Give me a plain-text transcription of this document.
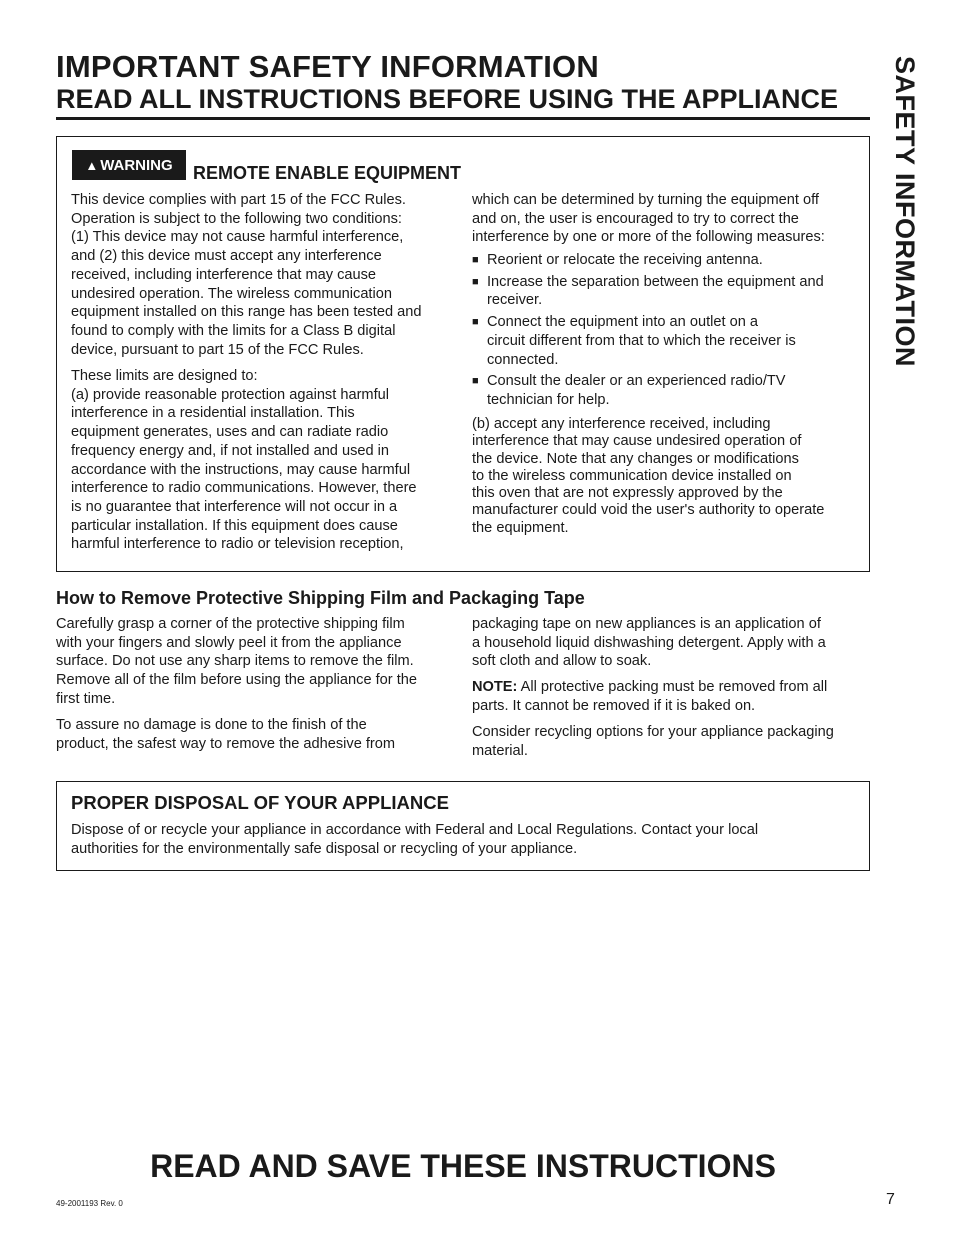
IMPORTANT SAFETY INFORMATION
READ ALL INSTRUCTIONS BEFORE USING THE APPLIANCE SAFETY INFORMATION
▲ WARNING REMOTE ENABLE EQUIPMENT
This device complies with part 15 of the FCC Rules.
Operation is subject to the following two conditions:
(1) This device may not cause harmful interference,
and (2) this device must accept any interference
received, including interference that may cause
undesired operation. The wireless communication
equipment installed on this range has been tested and
found to comply with the limits for a Class B digital
device, pursuant to part 15 of the FCC Rules.
These limits are designed to:
(a) provide reasonable protection against harmful
interference in a residential installation. This
equipment generates, uses and can radiate radio
frequency energy and, if not installed and used in
accordance with the instructions, may cause harmful
interference to radio communications. However, there
is no guarantee that interference will not occur in a
particular installation. If this equipment does cause
harmful interference to radio or television reception,
which can be determined by turning the equipment off
and on, the user is encouraged to try to correct the
interference by one or more of the following measures:
■ Reorient or relocate the receiving antenna.
■ Increase the separation between the equipment and
receiver.
■ Connect the equipment into an outlet on a
circuit different from that to which the receiver is
connected.
■ Consult the dealer or an experienced radio/TV
technician for help.
(b) accept any interference received, including
interference that may cause undesired operation of
the device. Note that any changes or modifications
to the wireless communication device installed on
this oven that are not expressly approved by the
manufacturer could void the user's authority to operate
the equipment.
How to Remove Protective Shipping Film and Packaging Tape
Carefully grasp a corner of the protective shipping film
with your fingers and slowly peel it from the appliance
surface. Do not use any sharp items to remove the film.
Remove all of the film before using the appliance for the
first time.
To assure no damage is done to the finish of the
product, the safest way to remove the adhesive from
packaging tape on new appliances is an application of
a household liquid dishwashing detergent. Apply with a
soft cloth and allow to soak.
NOTE: All protective packing must be removed from all
parts. It cannot be removed if it is baked on.
Consider recycling options for your appliance packaging
material.
PROPER DISPOSAL OF YOUR APPLIANCE
Dispose of or recycle your appliance in accordance with Federal and Local Regulations. Contact your local
authorities for the environmentally safe disposal or recycling of your appliance.
READ AND SAVE THESE INSTRUCTIONS
49-2001193 Rev. 0	7
